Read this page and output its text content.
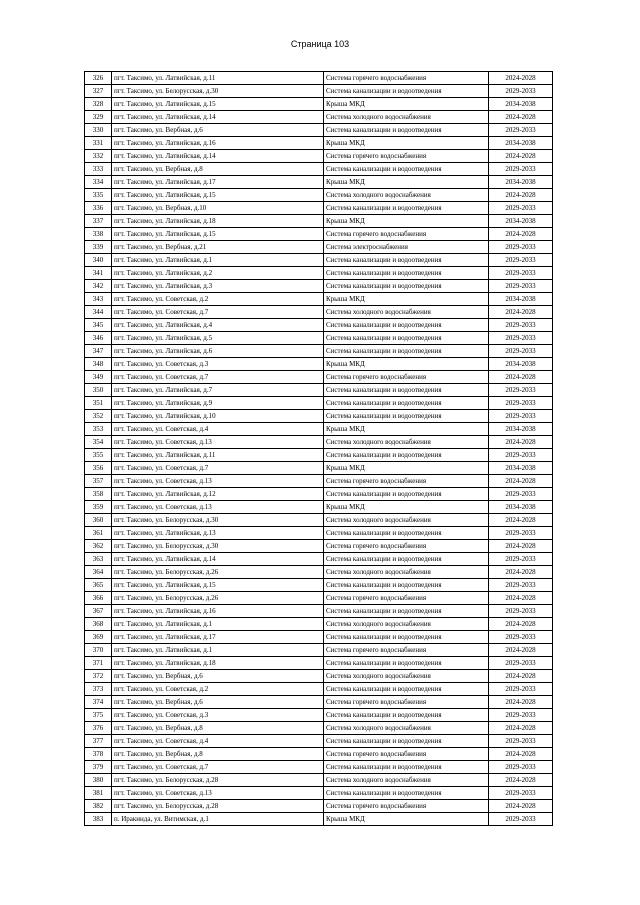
Страница 103
326	пгт. Таксимо, ул. Латвийская, д.11	Система горячего водоснабжения	2024-2028
327	пгт. Таксимо, ул. Белорусская, д.30	Система канализации и водоотведения	2029-2033
328	пгт. Таксимо, ул. Латвийская, д.15	Крыша МКД	2034-2038
329	пгт. Таксимо, ул. Латвийская, д.14	Система холодного водоснабжения	2024-2028
330	пгт. Таксимо, ул. Вербная, д.6	Система канализации и водоотведения	2029-2033
331	пгт. Таксимо, ул. Латвийская, д.16	Крыша МКД	2034-2038
332	пгт. Таксимо, ул. Латвийская, д.14	Система горячего водоснабжения	2024-2028
333	пгт. Таксимо, ул. Вербная, д.8	Система канализации и водоотведения	2029-2033
334	пгт. Таксимо, ул. Латвийская, д.17	Крыша МКД	2034-2038
335	пгт. Таксимо, ул. Латвийская, д.15	Система холодного водоснабжения	2024-2028
336	пгт. Таксимо, ул. Вербная, д.10	Система канализации и водоотведения	2029-2033
337	пгт. Таксимо, ул. Латвийская, д.18	Крыша МКД	2034-2038
338	пгт. Таксимо, ул. Латвийская, д.15	Система горячего водоснабжения	2024-2028
339	пгт. Таксимо, ул. Вербная, д.21	Система электроснабжения	2029-2033
340	пгт. Таксимо, ул. Латвийская, д.1	Система канализации и водоотведения	2029-2033
341	пгт. Таксимо, ул. Латвийская, д.2	Система канализации и водоотведения	2029-2033
342	пгт. Таксимо, ул. Латвийская, д.3	Система канализации и водоотведения	2029-2033
343	пгт. Таксимо, ул. Советская, д.2	Крыша МКД	2034-2038
344	пгт. Таксимо, ул. Советская, д.7	Система холодного водоснабжения	2024-2028
345	пгт. Таксимо, ул. Латвийская, д.4	Система канализации и водоотведения	2029-2033
346	пгт. Таксимо, ул. Латвийская, д.5	Система канализации и водоотведения	2029-2033
347	пгт. Таксимо, ул. Латвийская, д.6	Система канализации и водоотведения	2029-2033
348	пгт. Таксимо, ул. Советская, д.3	Крыша МКД	2034-2038
349	пгт. Таксимо, ул. Советская, д.7	Система горячего водоснабжения	2024-2028
350	пгт. Таксимо, ул. Латвийская, д.7	Система канализации и водоотведения	2029-2033
351	пгт. Таксимо, ул. Латвийская, д.9	Система канализации и водоотведения	2029-2033
352	пгт. Таксимо, ул. Латвийская, д.10	Система канализации и водоотведения	2029-2033
353	пгт. Таксимо, ул. Советская, д.4	Крыша МКД	2034-2038
354	пгт. Таксимо, ул. Советская, д.13	Система холодного водоснабжения	2024-2028
355	пгт. Таксимо, ул. Латвийская, д.11	Система канализации и водоотведения	2029-2033
356	пгт. Таксимо, ул. Советская, д.7	Крыша МКД	2034-2038
357	пгт. Таксимо, ул. Советская, д.13	Система горячего водоснабжения	2024-2028
358	пгт. Таксимо, ул. Латвийская, д.12	Система канализации и водоотведения	2029-2033
359	пгт. Таксимо, ул. Советская, д.13	Крыша МКД	2034-2038
360	пгт. Таксимо, ул. Белорусская, д.30	Система холодного водоснабжения	2024-2028
361	пгт. Таксимо, ул. Латвийская, д.13	Система канализации и водоотведения	2029-2033
362	пгт. Таксимо, ул. Белорусская, д.30	Система горячего водоснабжения	2024-2028
363	пгт. Таксимо, ул. Латвийская, д.14	Система канализации и водоотведения	2029-2033
364	пгт. Таксимо, ул. Белорусская, д.26	Система холодного водоснабжения	2024-2028
365	пгт. Таксимо, ул. Латвийская, д.15	Система канализации и водоотведения	2029-2033
366	пгт. Таксимо, ул. Белорусская, д.26	Система горячего водоснабжения	2024-2028
367	пгт. Таксимо, ул. Латвийская, д.16	Система канализации и водоотведения	2029-2033
368	пгт. Таксимо, ул. Латвийская, д.1	Система холодного водоснабжения	2024-2028
369	пгт. Таксимо, ул. Латвийская, д.17	Система канализации и водоотведения	2029-2033
370	пгт. Таксимо, ул. Латвийская, д.1	Система горячего водоснабжения	2024-2028
371	пгт. Таксимо, ул. Латвийская, д.18	Система канализации и водоотведения	2029-2033
372	пгт. Таксимо, ул. Вербная, д.6	Система холодного водоснабжения	2024-2028
373	пгт. Таксимо, ул. Советская, д.2	Система канализации и водоотведения	2029-2033
374	пгт. Таксимо, ул. Вербная, д.6	Система горячего водоснабжения	2024-2028
375	пгт. Таксимо, ул. Советская, д.3	Система канализации и водоотведения	2029-2033
376	пгт. Таксимо, ул. Вербная, д.8	Система холодного водоснабжения	2024-2028
377	пгт. Таксимо, ул. Советская, д.4	Система канализации и водоотведения	2029-2033
378	пгт. Таксимо, ул. Вербная, д.8	Система горячего водоснабжения	2024-2028
379	пгт. Таксимо, ул. Советская, д.7	Система канализации и водоотведения	2029-2033
380	пгт. Таксимо, ул. Белорусская, д.28	Система холодного водоснабжения	2024-2028
381	пгт. Таксимо, ул. Советская, д.13	Система канализации и водоотведения	2029-2033
382	пгт. Таксимо, ул. Белорусская, д.28	Система горячего водоснабжения	2024-2028
383	п. Иракинда, ул. Витимская, д.1	Крыша МКД	2029-2033
